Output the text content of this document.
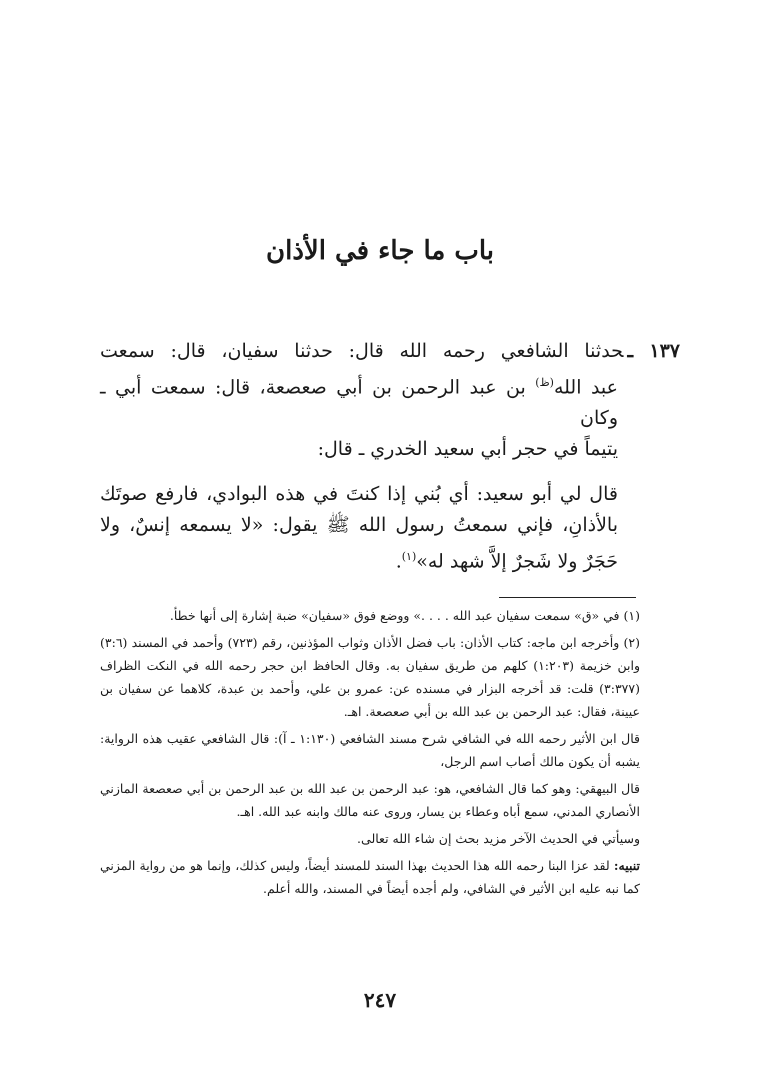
باب ما جاء في الأذان
١٣٧ ـحدثنا الشافعي رحمه الله قال: حدثنا سفيان، قال: سمعت
عبد الله$^{(ظ)}$ بن عبد الرحمن بن أبي صعصعة، قال: سمعت أبي ـ وكان
يتيماً في حجر أبي سعيد الخدري ـ قال:
قال لي أبو سعيد: أي بُني إذا كنتَ في هذه البوادي، فارفع صوتَك بالأذانِ، فإني سمعتُ رسول الله ﷺ يقول: «لا يسمعه إنسٌ، ولا حَجَرٌ ولا شَجرٌ إلاَّ شهد له»$^{(١)}$.

(١) في «ق» سمعت سفيان عبد الله . . . .» ووضع فوق «سفيان» ضبة إشارة إلى أنها خطأ.

(٢) وأخرجه ابن ماجه: كتاب الأذان: باب فضل الأذان وثواب المؤذنين، رقم (٧٢٣) وأحمد في المسند (٣:٦) وابن خزيمة (١:٢٠٣) كلهم من طريق سفيان به. وقال الحافظ ابن حجر رحمه الله في النكت الظراف (٣:٣٧٧) قلت: قد أخرجه البزار في مسنده عن: عمرو بن علي، وأحمد بن عبدة، كلاهما عن سفيان بن عيينة، فقال: عبد الرحمن بن عبد الله بن أبي صعصعة. اهـ.

قال ابن الأثير رحمه الله في الشافي شرح مسند الشافعي (١:١٣٠ ـ آ): قال الشافعي عقيب هذه الرواية: يشبه أن يكون مالك أصاب اسم الرجل،

قال البيهقي: وهو كما قال الشافعي، هو: عبد الرحمن بن عبد الله بن عبد الرحمن بن أبي صعصعة المازني الأنصاري المدني، سمع أباه وعطاء بن يسار، وروى عنه مالك وابنه عبد الله. اهـ.

وسيأتي في الحديث الآخر مزيد بحث إن شاء الله تعالى.

تنبيه: لقد عزا البنا رحمه الله هذا الحديث بهذا السند للمسند أيضاً، وليس كذلك، وإنما هو من رواية المزني كما نبه عليه ابن الأثير في الشافي، ولم أجده أيضاً في المسند، والله أعلم.

٢٤٧
